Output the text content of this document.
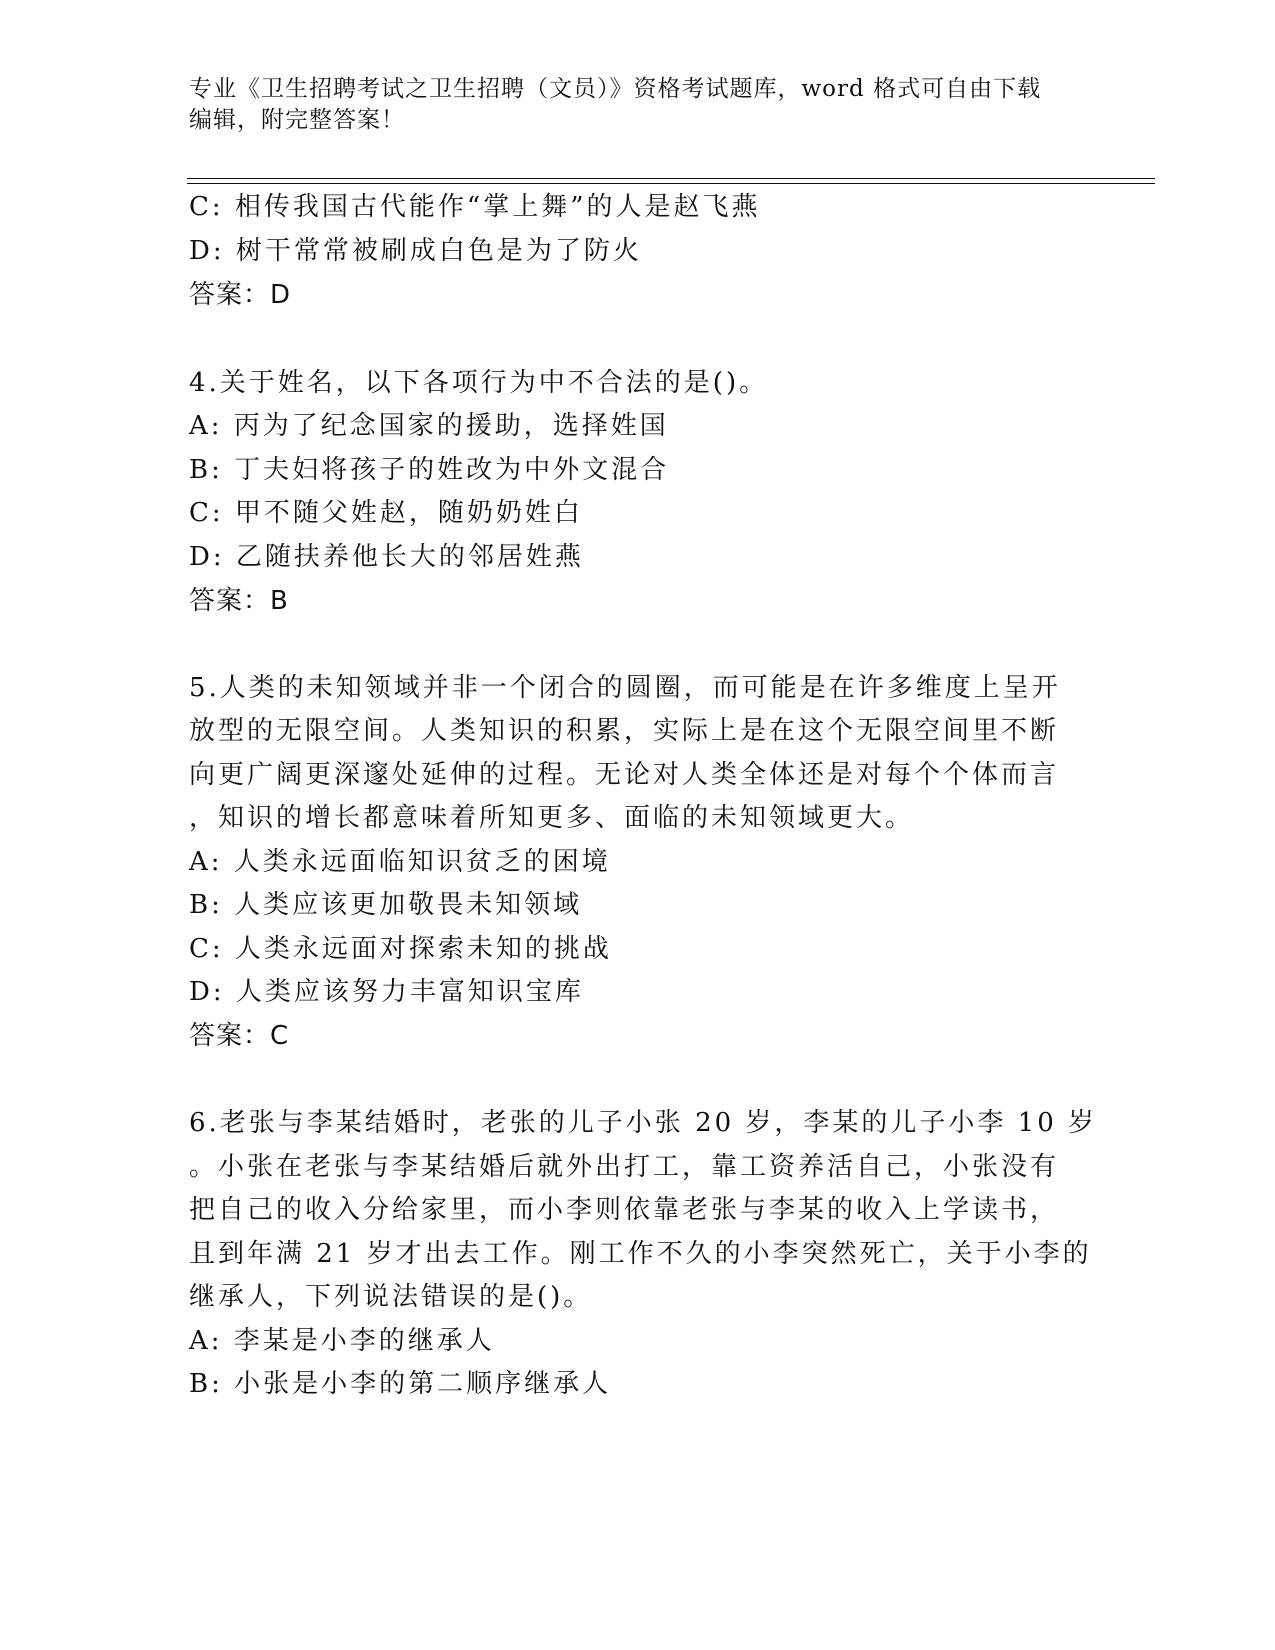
专业《卫生招聘考试之卫生招聘（文员）》资格考试题库，word 格式可自由下载
编辑，附完整答案！
C: 相传我国古代能作“掌上舞”的人是赵飞燕
D: 树干常常被刷成白色是为了防火
答案：D
4.关于姓名，以下各项行为中不合法的是()。
A: 丙为了纪念国家的援助，选择姓国
B: 丁夫妇将孩子的姓改为中外文混合
C: 甲不随父姓赵，随奶奶姓白
D: 乙随扶养他长大的邻居姓燕
答案：B
5.人类的未知领域并非一个闭合的圆圈，而可能是在许多维度上呈开
放型的无限空间。人类知识的积累，实际上是在这个无限空间里不断
向更广阔更深邃处延伸的过程。无论对人类全体还是对每个个体而言
，知识的增长都意味着所知更多、面临的未知领域更大。
A: 人类永远面临知识贫乏的困境
B: 人类应该更加敬畏未知领域
C: 人类永远面对探索未知的挑战
D: 人类应该努力丰富知识宝库
答案：C
6.老张与李某结婚时，老张的儿子小张 20 岁，李某的儿子小李 10 岁
。小张在老张与李某结婚后就外出打工，靠工资养活自己，小张没有
把自己的收入分给家里，而小李则依靠老张与李某的收入上学读书，
且到年满 21 岁才出去工作。刚工作不久的小李突然死亡，关于小李的
继承人，下列说法错误的是()。
A: 李某是小李的继承人
B: 小张是小李的第二顺序继承人
